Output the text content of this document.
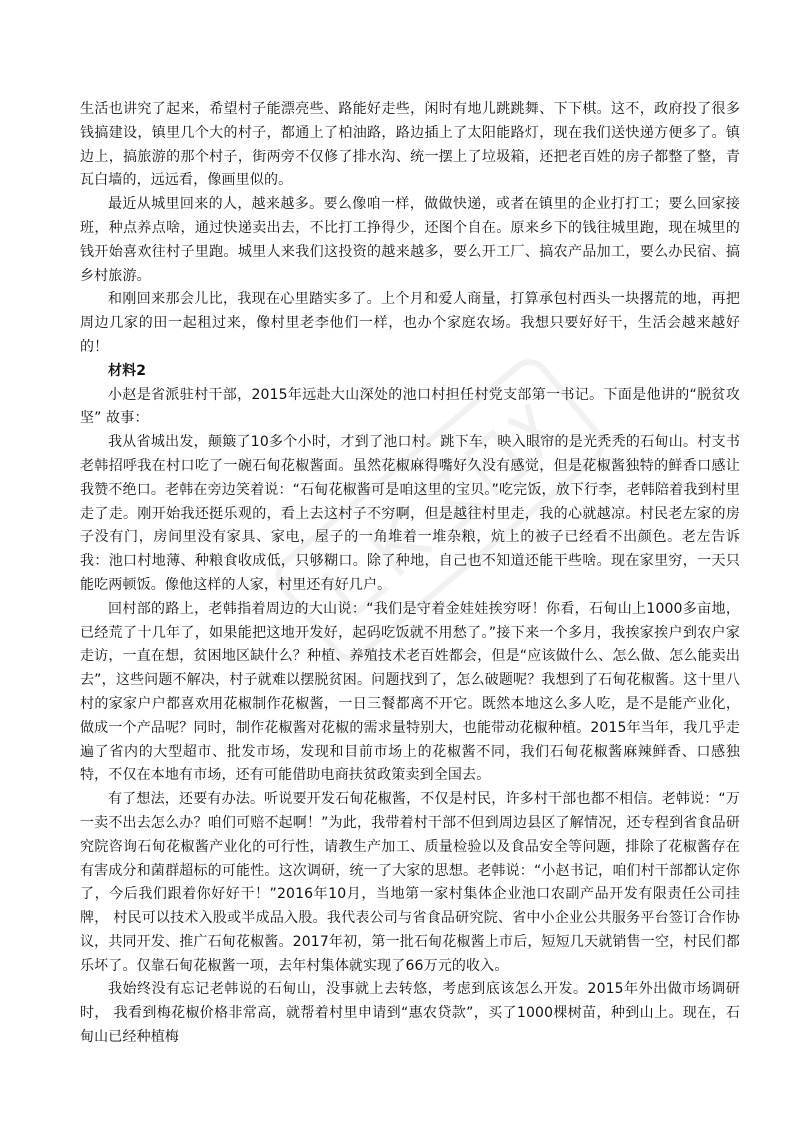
生活也讲究了起来，希望村子能漂亮些、路能好走些，闲时有地儿跳跳舞、下下棋。这不，政府投了很多钱搞建设，镇里几个大的村子，都通上了柏油路，路边插上了太阳能路灯，现在我们送快递方便多了。镇边上，搞旅游的那个村子，街两旁不仅修了排水沟、统一摆上了垃圾箱，还把老百姓的房子都整了整，青瓦白墙的，远远看，像画里似的。

最近从城里回来的人，越来越多。要么像咱一样，做做快递，或者在镇里的企业打打工；要么回家接班，种点养点啥，通过快递卖出去，不比打工挣得少，还图个自在。原来乡下的钱往城里跑，现在城里的钱开始喜欢往村子里跑。城里人来我们这投资的越来越多，要么开工厂、搞农产品加工，要么办民宿、搞乡村旅游。

和刚回来那会儿比，我现在心里踏实多了。上个月和爱人商量，打算承包村西头一块撂荒的地，再把周边几家的田一起租过来，像村里老李他们一样，也办个家庭农场。我想只要好好干，生活会越来越好的！

材料2

小赵是省派驻村干部，2015年远赴大山深处的池口村担任村党支部第一书记。下面是他讲的“脱贫攻坚” 故事：

我从省城出发，颠簸了10多个小时，才到了池口村。跳下车，映入眼帘的是光秃秃的石甸山。村支书老韩招呼我在村口吃了一碗石甸花椒酱面。虽然花椒麻得嘴好久没有感觉，但是花椒酱独特的鲜香口感让我赞不绝口。老韩在旁边笑着说：“石甸花椒酱可是咱这里的宝贝。”吃完饭，放下行李，老韩陪着我到村里走了走。刚开始我还挺乐观的，看上去这村子不穷啊，但是越往村里走，我的心就越凉。村民老左家的房子没有门，房间里没有家具、家电，屋子的一角堆着一堆杂粮，炕上的被子已经看不出颜色。老左告诉我：池口村地薄、种粮食收成低，只够糊口。除了种地，自己也不知道还能干些啥。现在家里穷，一天只能吃两顿饭。像他这样的人家，村里还有好几户。

回村部的路上，老韩指着周边的大山说：“我们是守着金娃娃挨穷呀！你看，石甸山上1000多亩地，已经荒了十几年了，如果能把这地开发好，起码吃饭就不用愁了。”接下来一个多月，我挨家挨户到农户家走访，一直在想，贫困地区缺什么？种植、养殖技术老百姓都会，但是“应该做什么、怎么做、怎么能卖出去”，这些问题不解决，村子就难以摆脱贫困。问题找到了，怎么破题呢？我想到了石甸花椒酱。这十里八村的家家户户都喜欢用花椒制作花椒酱，一日三餐都离不开它。既然本地这么多人吃，是不是能产业化，做成一个产品呢？同时，制作花椒酱对花椒的需求量特别大，也能带动花椒种植。2015年当年，我几乎走遍了省内的大型超市、批发市场，发现和目前市场上的花椒酱不同，我们石甸花椒酱麻辣鲜香、口感独特，不仅在本地有市场，还有可能借助电商扶贫政策卖到全国去。

有了想法，还要有办法。听说要开发石甸花椒酱，不仅是村民，许多村干部也都不相信。老韩说：“万一卖不出去怎么办？咱们可赔不起啊！”为此，我带着村干部不但到周边县区了解情况，还专程到省食品研究院咨询石甸花椒酱产业化的可行性，请教生产加工、质量检验以及食品安全等问题，排除了花椒酱存在有害成分和菌群超标的可能性。这次调研，统一了大家的思想。老韩说：“小赵书记，咱们村干部都认定你了，今后我们跟着你好好干！”2016年10月，当地第一家村集体企业池口农副产品开发有限责任公司挂牌， 村民可以技术入股或半成品入股。我代表公司与省食品研究院、省中小企业公共服务平台签订合作协议，共同开发、推广石甸花椒酱。2017年初，第一批石甸花椒酱上市后，短短几天就销售一空，村民们都乐坏了。仅靠石甸花椒酱一项，去年村集体就实现了66万元的收入。

我始终没有忘记老韩说的石甸山，没事就上去转悠，考虑到底该怎么开发。2015年外出做市场调研时， 我看到梅花椒价格非常高，就帮着村里申请到“惠农贷款”，买了1000棵树苗，种到山上。现在，石甸山已经种植梅
